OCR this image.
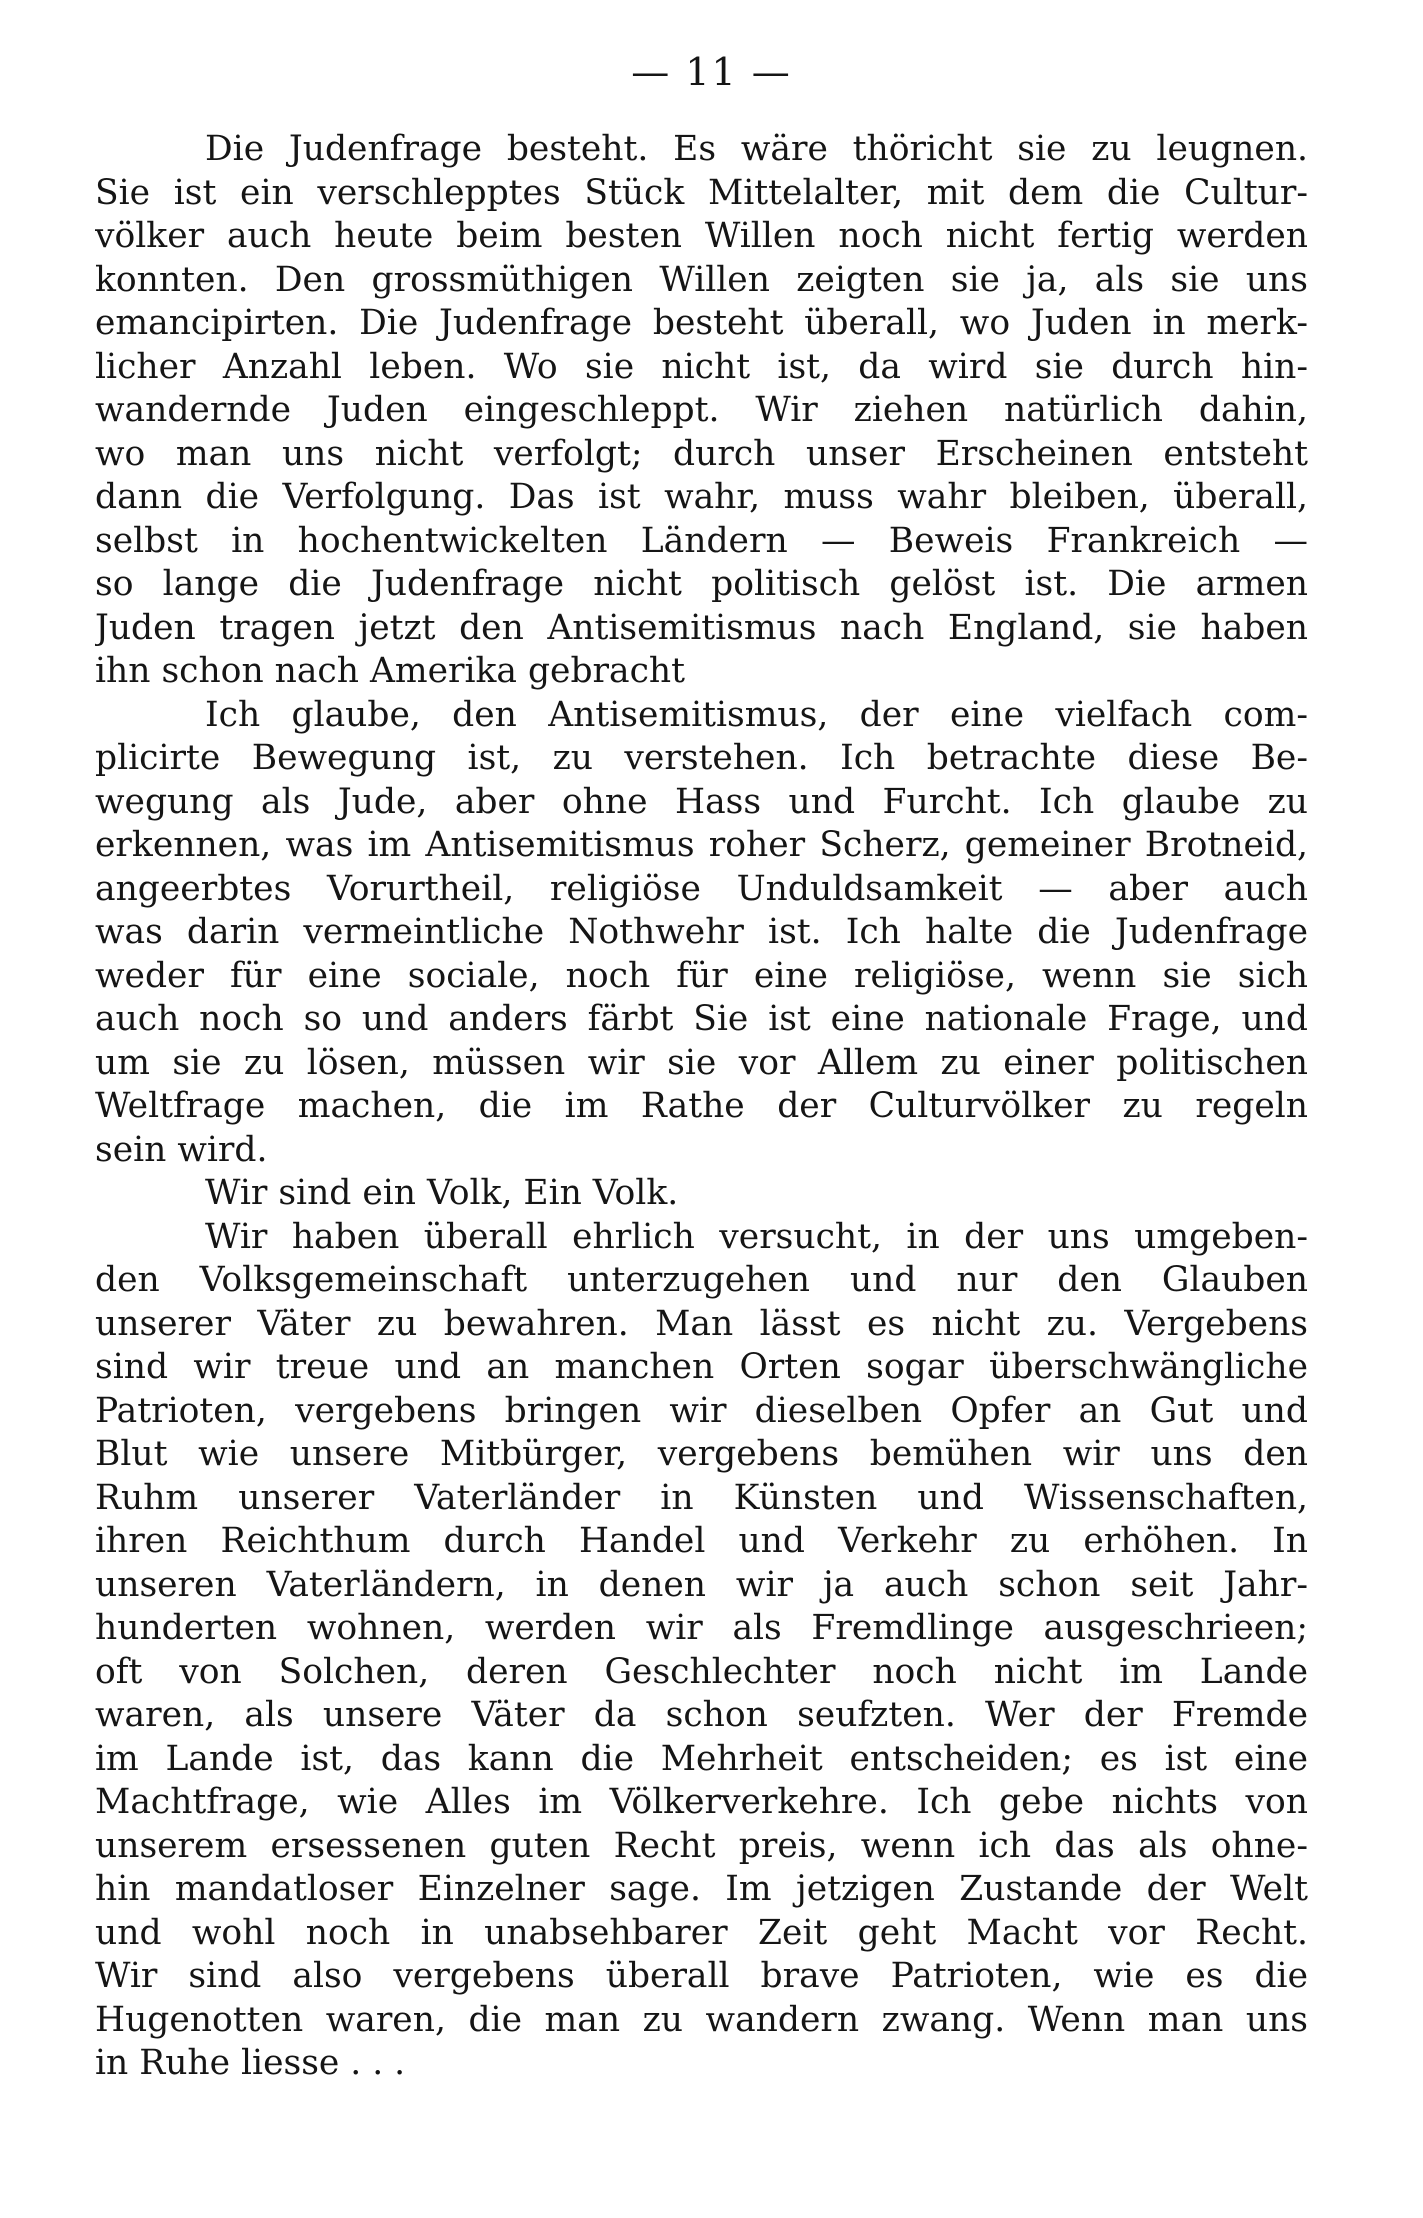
— 11 —
Die Judenfrage besteht. Es wäre thöricht sie zu leugnen.
Sie ist ein verschlepptes Stück Mittelalter, mit dem die Cultur-
völker auch heute beim besten Willen noch nicht fertig werden
konnten. Den grossmüthigen Willen zeigten sie ja, als sie uns
emancipirten. Die Judenfrage besteht überall, wo Juden in merk-
licher Anzahl leben. Wo sie nicht ist, da wird sie durch hin-
wandernde Juden eingeschleppt. Wir ziehen natürlich dahin,
wo man uns nicht verfolgt; durch unser Erscheinen entsteht
dann die Verfolgung. Das ist wahr, muss wahr bleiben, überall,
selbst in hochentwickelten Ländern — Beweis Frankreich —
so lange die Judenfrage nicht politisch gelöst ist. Die armen
Juden tragen jetzt den Antisemitismus nach England, sie haben
ihn schon nach Amerika gebracht
Ich glaube, den Antisemitismus, der eine vielfach com-
plicirte Bewegung ist, zu verstehen. Ich betrachte diese Be-
wegung als Jude, aber ohne Hass und Furcht. Ich glaube zu
erkennen, was im Antisemitismus roher Scherz, gemeiner Brotneid,
angeerbtes Vorurtheil, religiöse Unduldsamkeit — aber auch
was darin vermeintliche Nothwehr ist. Ich halte die Judenfrage
weder für eine sociale, noch für eine religiöse, wenn sie sich
auch noch so und anders färbt Sie ist eine nationale Frage, und
um sie zu lösen, müssen wir sie vor Allem zu einer politischen
Weltfrage machen, die im Rathe der Culturvölker zu regeln
sein wird.
Wir sind ein Volk, Ein Volk.
Wir haben überall ehrlich versucht, in der uns umgeben-
den Volksgemeinschaft unterzugehen und nur den Glauben
unserer Väter zu bewahren. Man lässt es nicht zu. Vergebens
sind wir treue und an manchen Orten sogar überschwängliche
Patrioten, vergebens bringen wir dieselben Opfer an Gut und
Blut wie unsere Mitbürger, vergebens bemühen wir uns den
Ruhm unserer Vaterländer in Künsten und Wissenschaften,
ihren Reichthum durch Handel und Verkehr zu erhöhen. In
unseren Vaterländern, in denen wir ja auch schon seit Jahr-
hunderten wohnen, werden wir als Fremdlinge ausgeschrieen;
oft von Solchen, deren Geschlechter noch nicht im Lande
waren, als unsere Väter da schon seufzten. Wer der Fremde
im Lande ist, das kann die Mehrheit entscheiden; es ist eine
Machtfrage, wie Alles im Völkerverkehre. Ich gebe nichts von
unserem ersessenen guten Recht preis, wenn ich das als ohne-
hin mandatloser Einzelner sage. Im jetzigen Zustande der Welt
und wohl noch in unabsehbarer Zeit geht Macht vor Recht.
Wir sind also vergebens überall brave Patrioten, wie es die
Hugenotten waren, die man zu wandern zwang. Wenn man uns
in Ruhe liesse . . .
